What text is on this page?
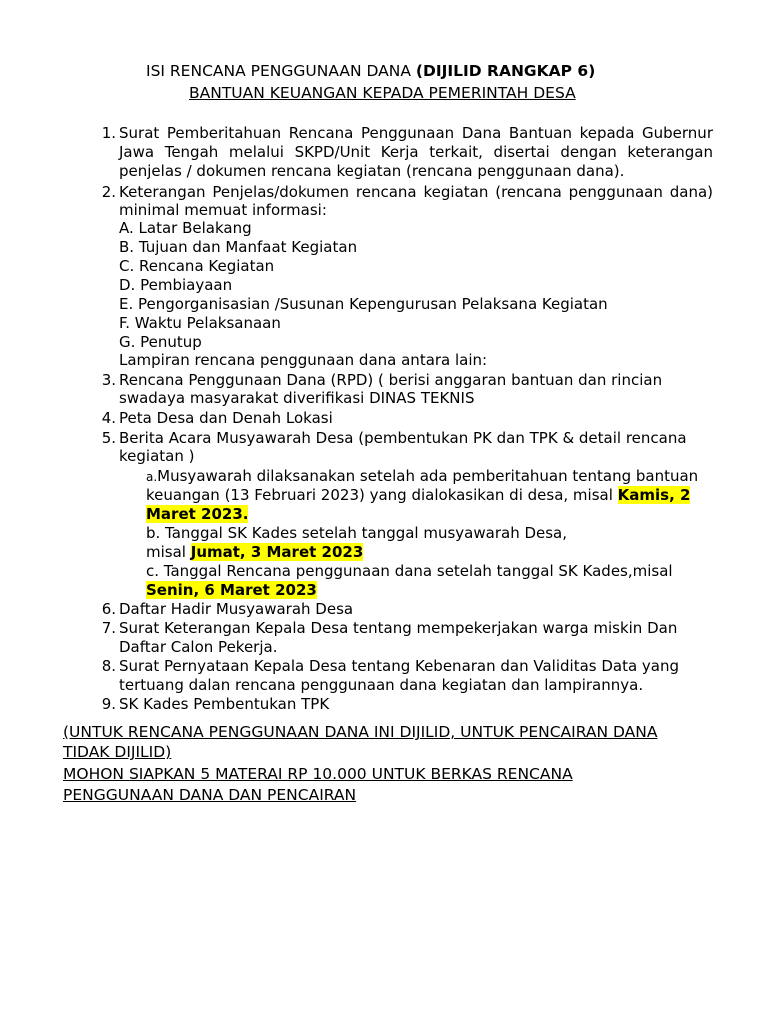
ISI RENCANA PENGGUNAAN DANA (DIJILID RANGKAP 6)
BANTUAN KEUANGAN KEPADA PEMERINTAH DESA
1. Surat Pemberitahuan Rencana Penggunaan Dana Bantuan kepada Gubernur
Jawa Tengah melalui SKPD/Unit Kerja terkait, disertai dengan keterangan
penjelas / dokumen rencana kegiatan (rencana penggunaan dana).
2. Keterangan Penjelas/dokumen rencana kegiatan (rencana penggunaan dana)
minimal memuat informasi:
A. Latar Belakang
B. Tujuan dan Manfaat Kegiatan
C. Rencana Kegiatan
D. Pembiayaan
E. Pengorganisasian /Susunan Kepengurusan Pelaksana Kegiatan
F. Waktu Pelaksanaan
G. Penutup
Lampiran rencana penggunaan dana antara lain:
3. Rencana Penggunaan Dana (RPD) ( berisi anggaran bantuan dan rincian
swadaya masyarakat diverifikasi DINAS TEKNIS
4. Peta Desa dan Denah Lokasi
5. Berita Acara Musyawarah Desa (pembentukan PK dan TPK & detail rencana
kegiatan )
a.Musyawarah dilaksanakan setelah ada pemberitahuan tentang bantuan
keuangan (13 Februari 2023) yang dialokasikan di desa, misal Kamis, 2
Maret 2023.
b. Tanggal SK Kades setelah tanggal musyawarah Desa,
misal Jumat, 3 Maret 2023
c. Tanggal Rencana penggunaan dana setelah tanggal SK Kades,misal
Senin, 6 Maret 2023
6. Daftar Hadir Musyawarah Desa
7. Surat Keterangan Kepala Desa tentang mempekerjakan warga miskin Dan
Daftar Calon Pekerja.
8. Surat Pernyataan Kepala Desa tentang Kebenaran dan Validitas Data yang
tertuang dalan rencana penggunaan dana kegiatan dan lampirannya.
9. SK Kades Pembentukan TPK
(UNTUK RENCANA PENGGUNAAN DANA INI DIJILID, UNTUK PENCAIRAN DANA
TIDAK DIJILID)
MOHON SIAPKAN 5 MATERAI RP 10.000 UNTUK BERKAS RENCANA
PENGGUNAAN DANA DAN PENCAIRAN
